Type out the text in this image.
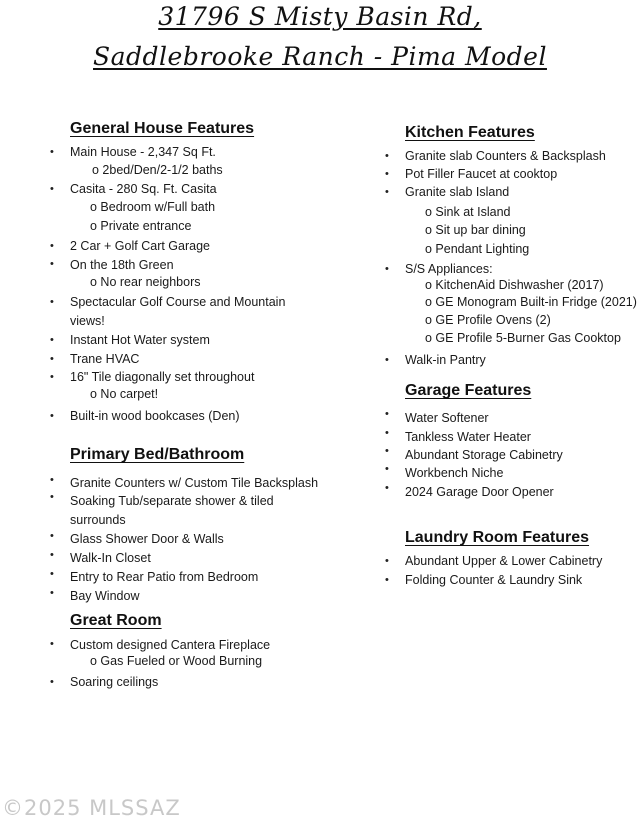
31796 S Misty Basin Rd,
Saddlebrooke Ranch - Pima Model
General House Features
• Main House - 2,347 Sq Ft.
o 2bed/Den/2-1/2 baths
• Casita - 280 Sq. Ft. Casita
o Bedroom w/Full bath
o Private entrance
• 2 Car + Golf Cart Garage
• On the 18th Green
o No rear neighbors
• Spectacular Golf Course and Mountain
views!
• Instant Hot Water system
• Trane HVAC
• 16" Tile diagonally set throughout
o No carpet!
• Built-in wood bookcases (Den)
Primary Bed/Bathroom
• Granite Counters w/ Custom Tile Backsplash
• Soaking Tub/separate shower & tiled
surrounds
• Glass Shower Door & Walls
• Walk-In Closet
• Entry to Rear Patio from Bedroom
• Bay Window
Great Room
• Custom designed Cantera Fireplace
o Gas Fueled or Wood Burning
• Soaring ceilings
Kitchen Features
• Granite slab Counters & Backsplash
• Pot Filler Faucet at cooktop
• Granite slab Island
o Sink at Island
o Sit up bar dining
o Pendant Lighting
• S/S Appliances:
o KitchenAid Dishwasher (2017)
o GE Monogram Built-in Fridge (2021)
o GE Profile Ovens (2)
o GE Profile 5-Burner Gas Cooktop
• Walk-in Pantry
Garage Features
• Water Softener
• Tankless Water Heater
• Abundant Storage Cabinetry
• Workbench Niche
• 2024 Garage Door Opener
Laundry Room Features
• Abundant Upper & Lower Cabinetry
• Folding Counter & Laundry Sink
©2025 MLSSAZ
